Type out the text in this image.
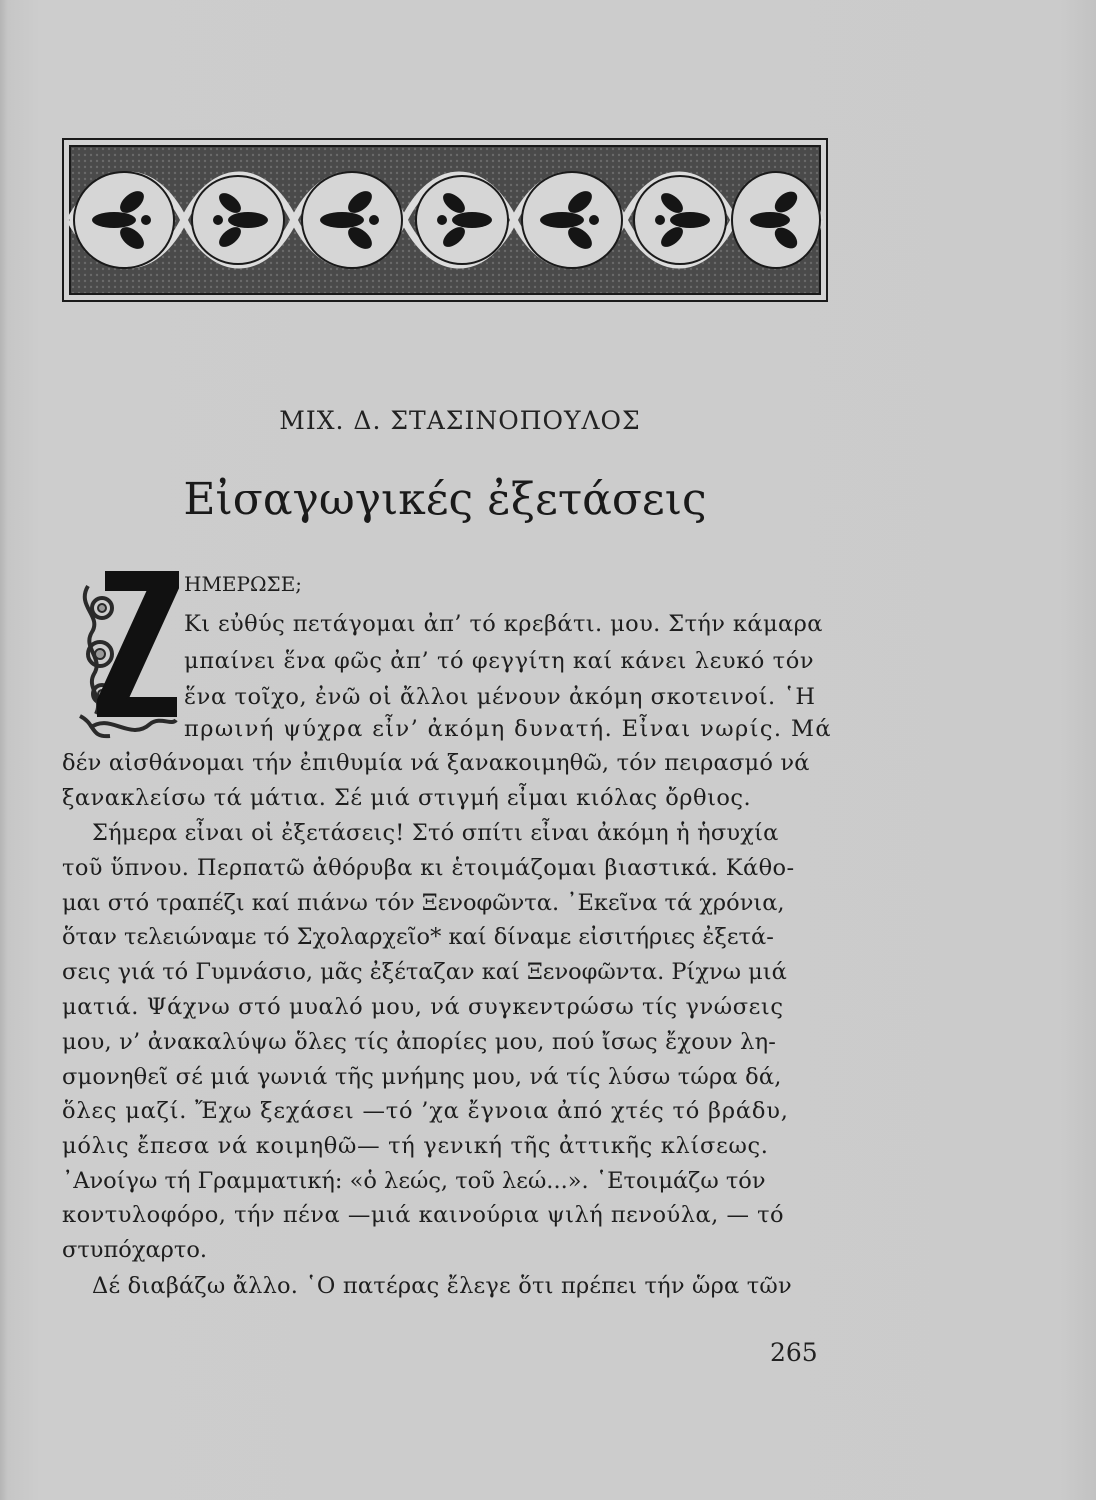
ΜΙΧ. Δ. ΣΤΑΣΙΝΟΠΟΥΛΟΣ
Εἰσαγωγικές ἐξετάσεις
Z
ΗΜΕΡΩΣΕ;
Κι εὐθύς πετάγομαι ἀπ’ τό κρεβάτι. μου. Στήν κάμαρα
μπαίνει ἕνα φῶς ἀπ’ τό φεγγίτη καί κάνει λευκό τόν
ἕνα τοῖχο, ἐνῶ οἱ ἄλλοι μένουν ἀκόμη σκοτεινοί. ῾Η
πρωινή ψύχρα εἶν’ ἀκόμη δυνατή. Εἶναι νωρίς. Μά
δέν αἰσθάνομαι τήν ἐπιθυμία νά ξανακοιμηθῶ, τόν πειρασμό νά
ξανακλείσω τά μάτια. Σέ μιά στιγμή εἶμαι κιόλας ὄρθιος.
Σήμερα εἶναι οἱ ἐξετάσεις! Στό σπίτι εἶναι ἀκόμη ἡ ἡσυχία
τοῦ ὕπνου. Περπατῶ ἀθόρυβα κι ἑτοιμάζομαι βιαστικά. Κάθο-
μαι στό τραπέζι καί πιάνω τόν Ξενοφῶντα. ᾿Εκεῖνα τά χρόνια,
ὅταν τελειώναμε τό Σχολαρχεῖο* καί δίναμε εἰσιτήριες ἐξετά-
σεις γιά τό Γυμνάσιο, μᾶς ἐξέταζαν καί Ξενοφῶντα. Ρίχνω μιά
ματιά. Ψάχνω στό μυαλό μου, νά συγκεντρώσω τίς γνώσεις
μου, ν’ ἀνακαλύψω ὅλες τίς ἀπορίες μου, πού ἴσως ἔχουν λη-
σμονηθεῖ σέ μιά γωνιά τῆς μνήμης μου, νά τίς λύσω τώρα δά,
ὅλες μαζί. Ἔχω ξεχάσει —τό ’χα ἔγνοια ἀπό χτές τό βράδυ,
μόλις ἔπεσα νά κοιμηθῶ— τή γενική τῆς ἀττικῆς κλίσεως.
᾿Ανοίγω τή Γραμματική: «ὁ λεώς, τοῦ λεώ...». ῾Ετοιμάζω τόν
κοντυλοφόρο, τήν πένα —μιά καινούρια ψιλή πενούλα, — τό
στυπόχαρτο.
Δέ διαβάζω ἄλλο. ῾Ο πατέρας ἔλεγε ὅτι πρέπει τήν ὥρα τῶν
265
